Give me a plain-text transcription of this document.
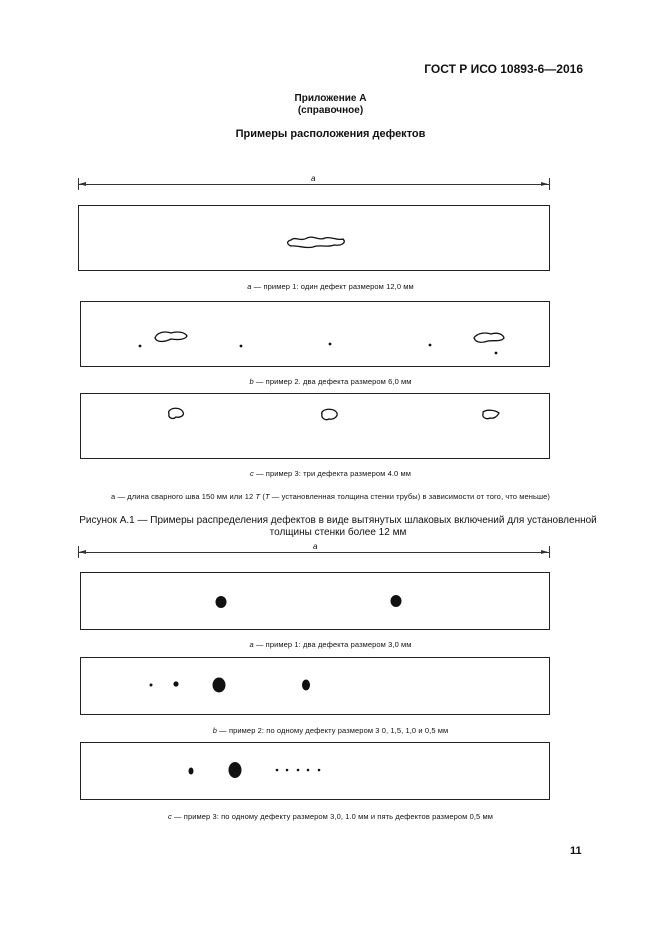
ГОСТ Р ИСО 10893-6—2016
Приложение А
(справочное)
Примеры расположения дефектов
a
a — пример 1: один дефект размером 12,0 мм
b — пример 2. два дефекта размером 6,0 мм
c — пример 3: три дефекта размером 4.0 мм
a — длина сварного шва 150 мм или 12 T (T — установленная толщина стенки трубы) в зависимости от того, что меньше)
Рисунок А.1 — Примеры распределения дефектов в виде вытянутых шлаковых включений для установленной толщины стенки более 12 мм
a
a — пример 1: два дефекта размером 3,0 мм
b — пример 2: по одному дефекту размером 3 0, 1,5, 1,0 и 0,5 мм
c — пример 3: по одному дефекту размером 3,0, 1.0 мм и пять дефектов размером 0,5 мм
11
